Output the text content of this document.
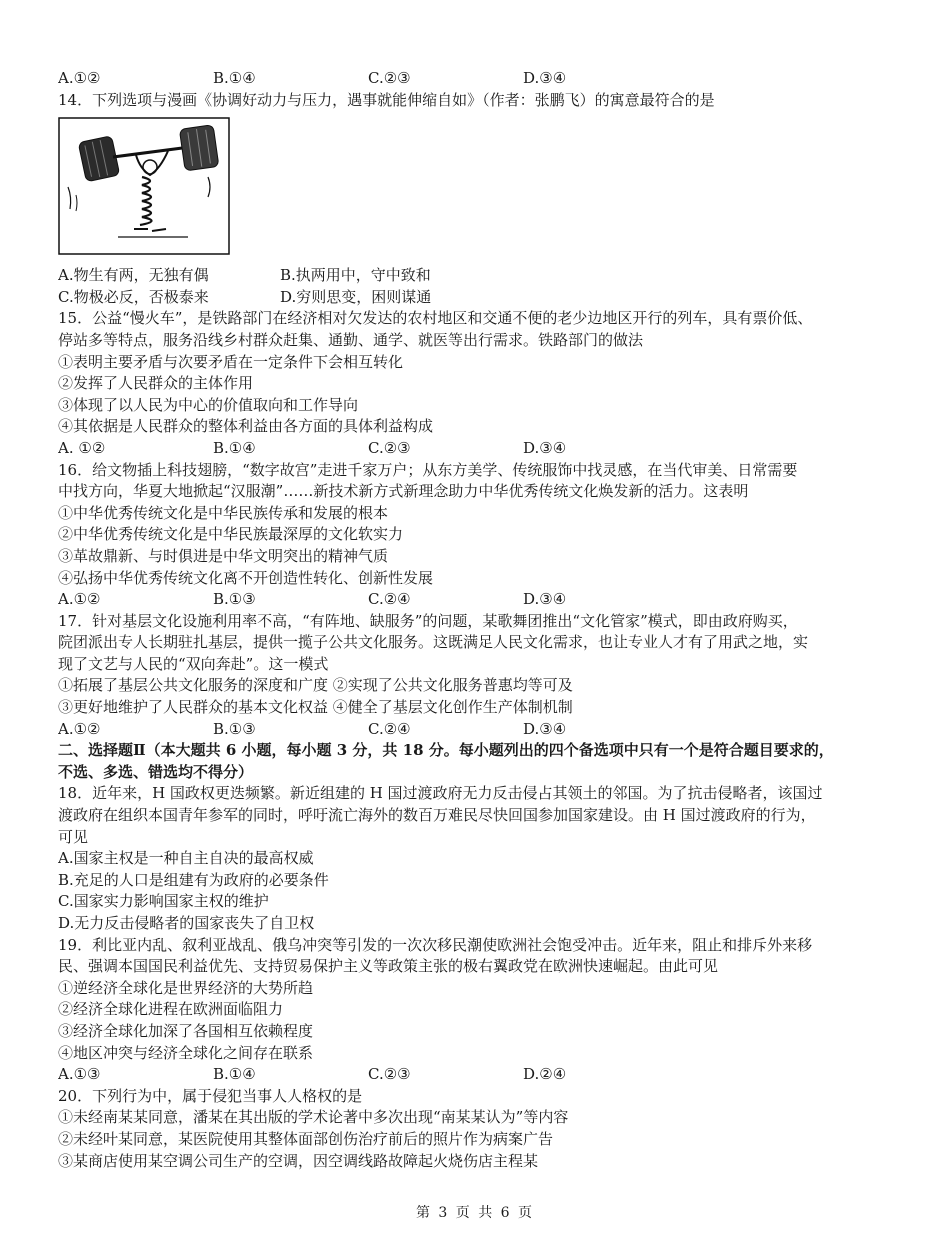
A.①②	B.①④	C.②③	D.③④
14．下列选项与漫画《协调好动力与压力，遇事就能伸缩自如》（作者：张鹏飞）的寓意最符合的是
A.物生有两，无独有偶	B.执两用中，守中致和
C.物极必反，否极泰来	D.穷则思变，困则谋通
15．公益“慢火车”，是铁路部门在经济相对欠发达的农村地区和交通不便的老少边地区开行的列车，具有票价低、
停站多等特点，服务沿线乡村群众赶集、通勤、通学、就医等出行需求。铁路部门的做法
①表明主要矛盾与次要矛盾在一定条件下会相互转化
②发挥了人民群众的主体作用
③体现了以人民为中心的价值取向和工作导向
④其依据是人民群众的整体利益由各方面的具体利益构成
A. ①②	B.①④	C.②③	D.③④
16．给文物插上科技翅膀，“数字故宫”走进千家万户；从东方美学、传统服饰中找灵感，在当代审美、日常需要
中找方向，华夏大地掀起“汉服潮”……新技术新方式新理念助力中华优秀传统文化焕发新的活力。这表明
①中华优秀传统文化是中华民族传承和发展的根本
②中华优秀传统文化是中华民族最深厚的文化软实力
③革故鼎新、与时俱进是中华文明突出的精神气质
④弘扬中华优秀传统文化离不开创造性转化、创新性发展
A.①②	B.①③	C.②④	D.③④
17．针对基层文化设施利用率不高，“有阵地、缺服务”的问题，某歌舞团推出“文化管家”模式，即由政府购买，
院团派出专人长期驻扎基层，提供一揽子公共文化服务。这既满足人民文化需求，也让专业人才有了用武之地，实
现了文艺与人民的“双向奔赴”。这一模式
①拓展了基层公共文化服务的深度和广度 ②实现了公共文化服务普惠均等可及
③更好地维护了人民群众的基本文化权益 ④健全了基层文化创作生产体制机制
A.①②	B.①③	C.②④	D.③④
二、选择题Ⅱ（本大题共 6 小题，每小题 3 分，共 18 分。每小题列出的四个备选项中只有一个是符合题目要求的，
不选、多选、错选均不得分）
18．近年来，H 国政权更迭频繁。新近组建的 H 国过渡政府无力反击侵占其领土的邻国。为了抗击侵略者，该国过
渡政府在组织本国青年参军的同时，呼吁流亡海外的数百万难民尽快回国参加国家建设。由 H 国过渡政府的行为，
可见
A.国家主权是一种自主自决的最高权威
B.充足的人口是组建有为政府的必要条件
C.国家实力影响国家主权的维护
D.无力反击侵略者的国家丧失了自卫权
19．利比亚内乱、叙利亚战乱、俄乌冲突等引发的一次次移民潮使欧洲社会饱受冲击。近年来，阻止和排斥外来移
民、强调本国国民利益优先、支持贸易保护主义等政策主张的极右翼政党在欧洲快速崛起。由此可见
①逆经济全球化是世界经济的大势所趋
②经济全球化进程在欧洲面临阻力
③经济全球化加深了各国相互依赖程度
④地区冲突与经济全球化之间存在联系
A.①③	B.①④	C.②③	D.②④
20．下列行为中，属于侵犯当事人人格权的是
①未经南某某同意，潘某在其出版的学术论著中多次出现“南某某认为”等内容
②未经叶某同意，某医院使用其整体面部创伤治疗前后的照片作为病案广告
③某商店使用某空调公司生产的空调，因空调线路故障起火烧伤店主程某
第 3 页 共 6 页
